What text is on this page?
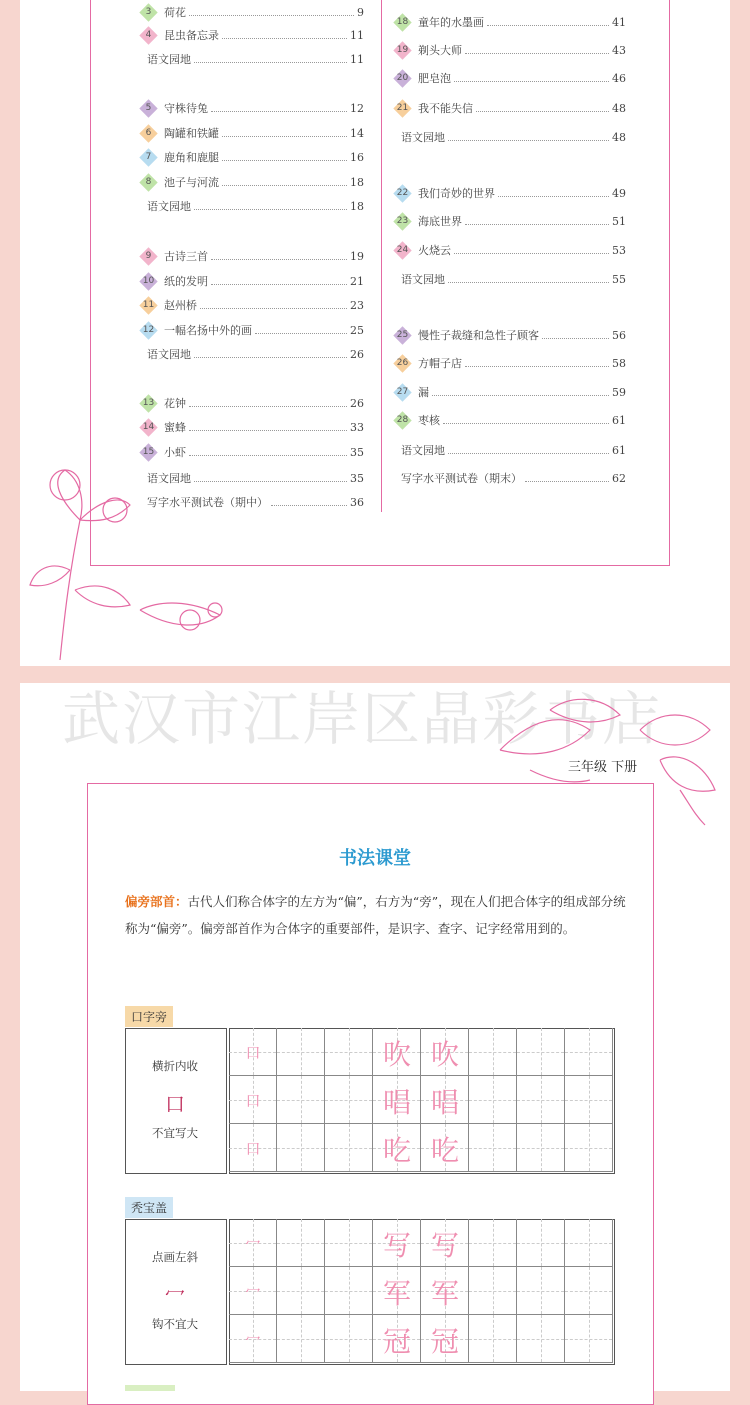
3	荷花	9
4	昆虫备忘录	11
语文园地	11
5	守株待兔	12
6	陶罐和铁罐	14
7	鹿角和鹿腿	16
8	池子与河流	18
语文园地	18
9	古诗三首	19
10 纸的发明	21
11 赵州桥	23
12 一幅名扬中外的画	25
语文园地	26
13 花钟	26
14 蜜蜂	33
15 小虾	35
语文园地	35
写字水平测试卷（期中）	36
18 童年的水墨画	41
19 剃头大师	43
20 肥皂泡	46
21 我不能失信	48
语文园地	48
22 我们奇妙的世界	49
23 海底世界	51
24 火烧云	53
语文园地	55
25 慢性子裁缝和急性子顾客	56
26 方帽子店	58
27 漏	59
28 枣核	61
语文园地	61
写字水平测试卷（期末）	62
武汉市江岸区晶彩书店
三年级 下册
书法课堂
偏旁部首：古代人们称合体字的左方为“偏”，右方为“旁”，现在人们把合体字的组成部分统称为“偏旁”。偏旁部首作为合体字的重要部件，是识字、查字、记字经常用到的。
口字旁
横折内收
口
不宜写大
口	吹 吹
口	唱 唱
口	吃 吃
秃宝盖
点画左斜
冖
钩不宜大
冖	写 写
冖	军 军
冖	冠 冠
